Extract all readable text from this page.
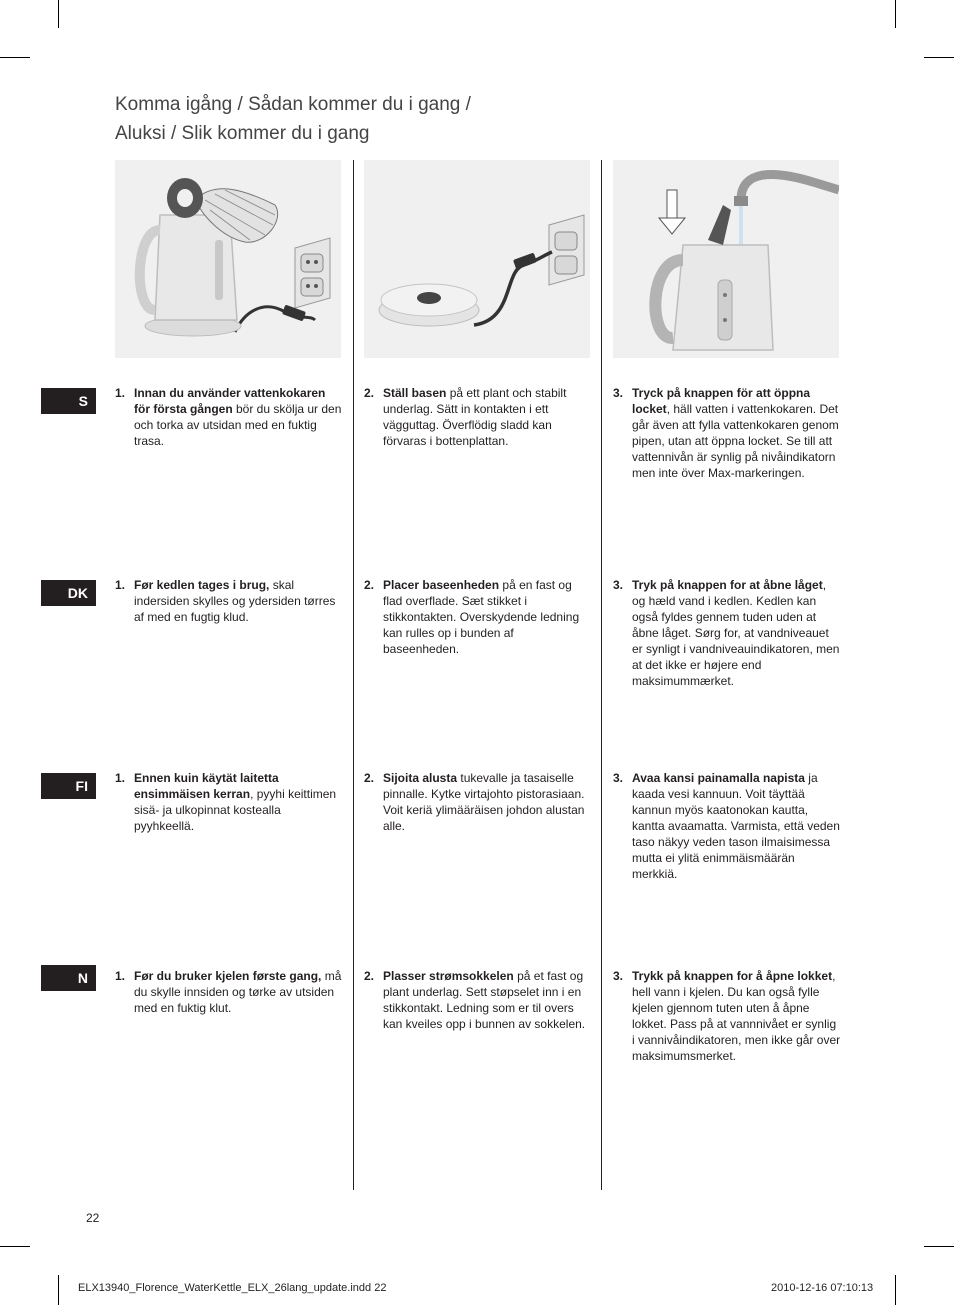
Komma igång / Sådan kommer du i gang /
Aluksi / Slik kommer du i gang
S	1. Innan du använder vattenkokaren för första gången bör du skölja ur den och torka av utsidan med en fuktig trasa.
2. Ställ basen på ett plant och stabilt underlag. Sätt in kontakten i ett vägguttag. Överflödig sladd kan förvaras i bottenplattan.
3. Tryck på knappen för att öppna locket, häll vatten i vattenkokaren. Det går även att fylla vattenkokaren genom pipen, utan att öppna locket. Se till att vattennivån är synlig på nivåindikatorn men inte över Max-markeringen.
DK	1. Før kedlen tages i brug, skal indersiden skylles og ydersiden tørres af med en fugtig klud.
2. Placer baseenheden på en fast og flad overflade. Sæt stikket i stikkontakten. Overskydende ledning kan rulles op i bunden af baseenheden.
3. Tryk på knappen for at åbne låget, og hæld vand i kedlen. Kedlen kan også fyldes gennem tuden uden at åbne låget. Sørg for, at vandniveauet er synligt i vandniveauindikatoren, men at det ikke er højere end maksimummærket.
FI	1. Ennen kuin käytät laitetta ensimmäisen kerran, pyyhi keittimen sisä- ja ulkopinnat kostealla pyyhkeellä.
2. Sijoita alusta tukevalle ja tasaiselle pinnalle. Kytke virtajohto pistorasiaan. Voit keriä ylimääräisen johdon alustan alle.
3. Avaa kansi painamalla napista ja kaada vesi kannuun. Voit täyttää kannun myös kaatonokan kautta, kantta avaamatta. Varmista, että veden taso näkyy veden tason ilmaisimessa mutta ei ylitä enimmäismäärän merkkiä.
N	1. Før du bruker kjelen første gang, må du skylle innsiden og tørke av utsiden med en fuktig klut.
2. Plasser strømsokkelen på et fast og plant underlag. Sett støpselet inn i en stikkontakt. Ledning som er til overs kan kveiles opp i bunnen av sokkelen.
3. Trykk på knappen for å åpne lokket, hell vann i kjelen. Du kan også fylle kjelen gjennom tuten uten å åpne lokket. Pass på at vannnivået er synlig i vannivåindikatoren, men ikke går over maksimumsmerket.
22
ELX13940_Florence_WaterKettle_ELX_26lang_update.indd 22	2010-12-16 07:10:13
